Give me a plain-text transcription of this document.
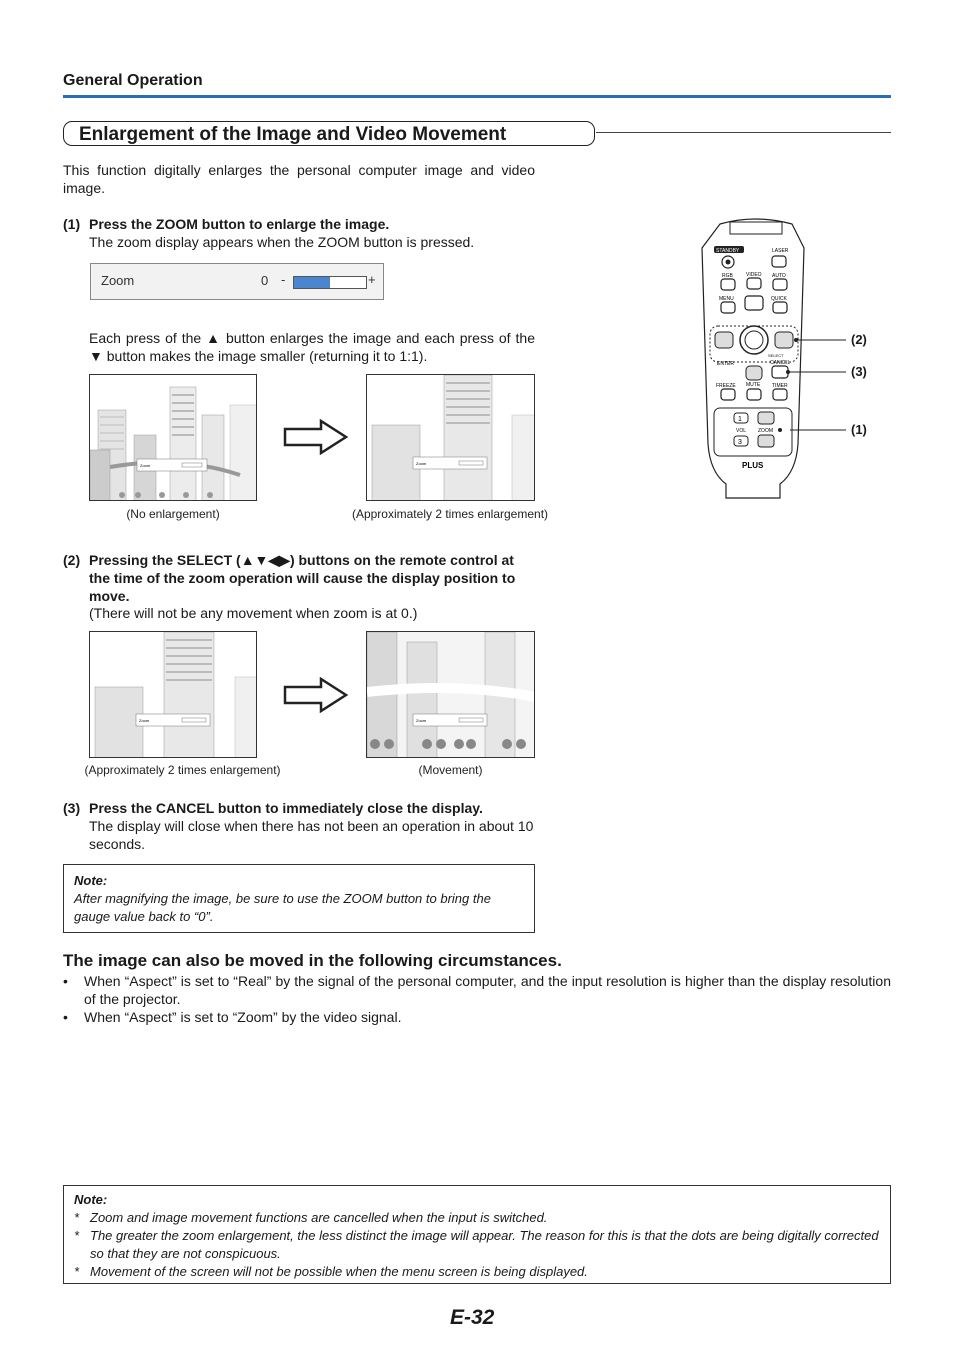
General Operation
Enlargement of the Image and Video Movement
This function digitally enlarges the personal computer image and video image.
(1) Press the ZOOM button to enlarge the image.
The zoom display appears when the ZOOM button is pressed.
Zoom	0 -	+
Each press of the ▲ button enlarges the image and each press of the ▼ button makes the image smaller (returning it to 1:1).
Zoom	Zoom
(No enlargement)	(Approximately 2 times enlargement)
(2) Pressing the SELECT (▲▼◀▶) buttons on the remote control at the time of the zoom operation will cause the display position to move.
(There will not be any movement when zoom is at 0.)
Zoom	Zoom
(Approximately 2 times enlargement)	(Movement)
(3) Press the CANCEL button to immediately close the display.
The display will close when there has not been an operation in about 10 seconds.
Note:
After magnifying the image, be sure to use the ZOOM button to bring the gauge value back to “0”.
STANDBY	LASER
RGB	VIDEO AUTO
MENU	QUICK
ENTER	CANCEL
SELECT
FREEZE MUTE TIMER
1
3
VOL ZOOM
PLUS
(2)
(3)
(1)
The image can also be moved in the following circumstances.
•	When “Aspect” is set to “Real” by the signal of the personal computer, and the input resolution is higher than the display resolution of the projector.
•	When “Aspect” is set to “Zoom” by the video signal.
Note:
* Zoom and image movement functions are cancelled when the input is switched.
* The greater the zoom enlargement, the less distinct the image will appear. The reason for this is that the dots are being digitally corrected so that they are not conspicuous.
* Movement of the screen will not be possible when the menu screen is being displayed.
E-32
